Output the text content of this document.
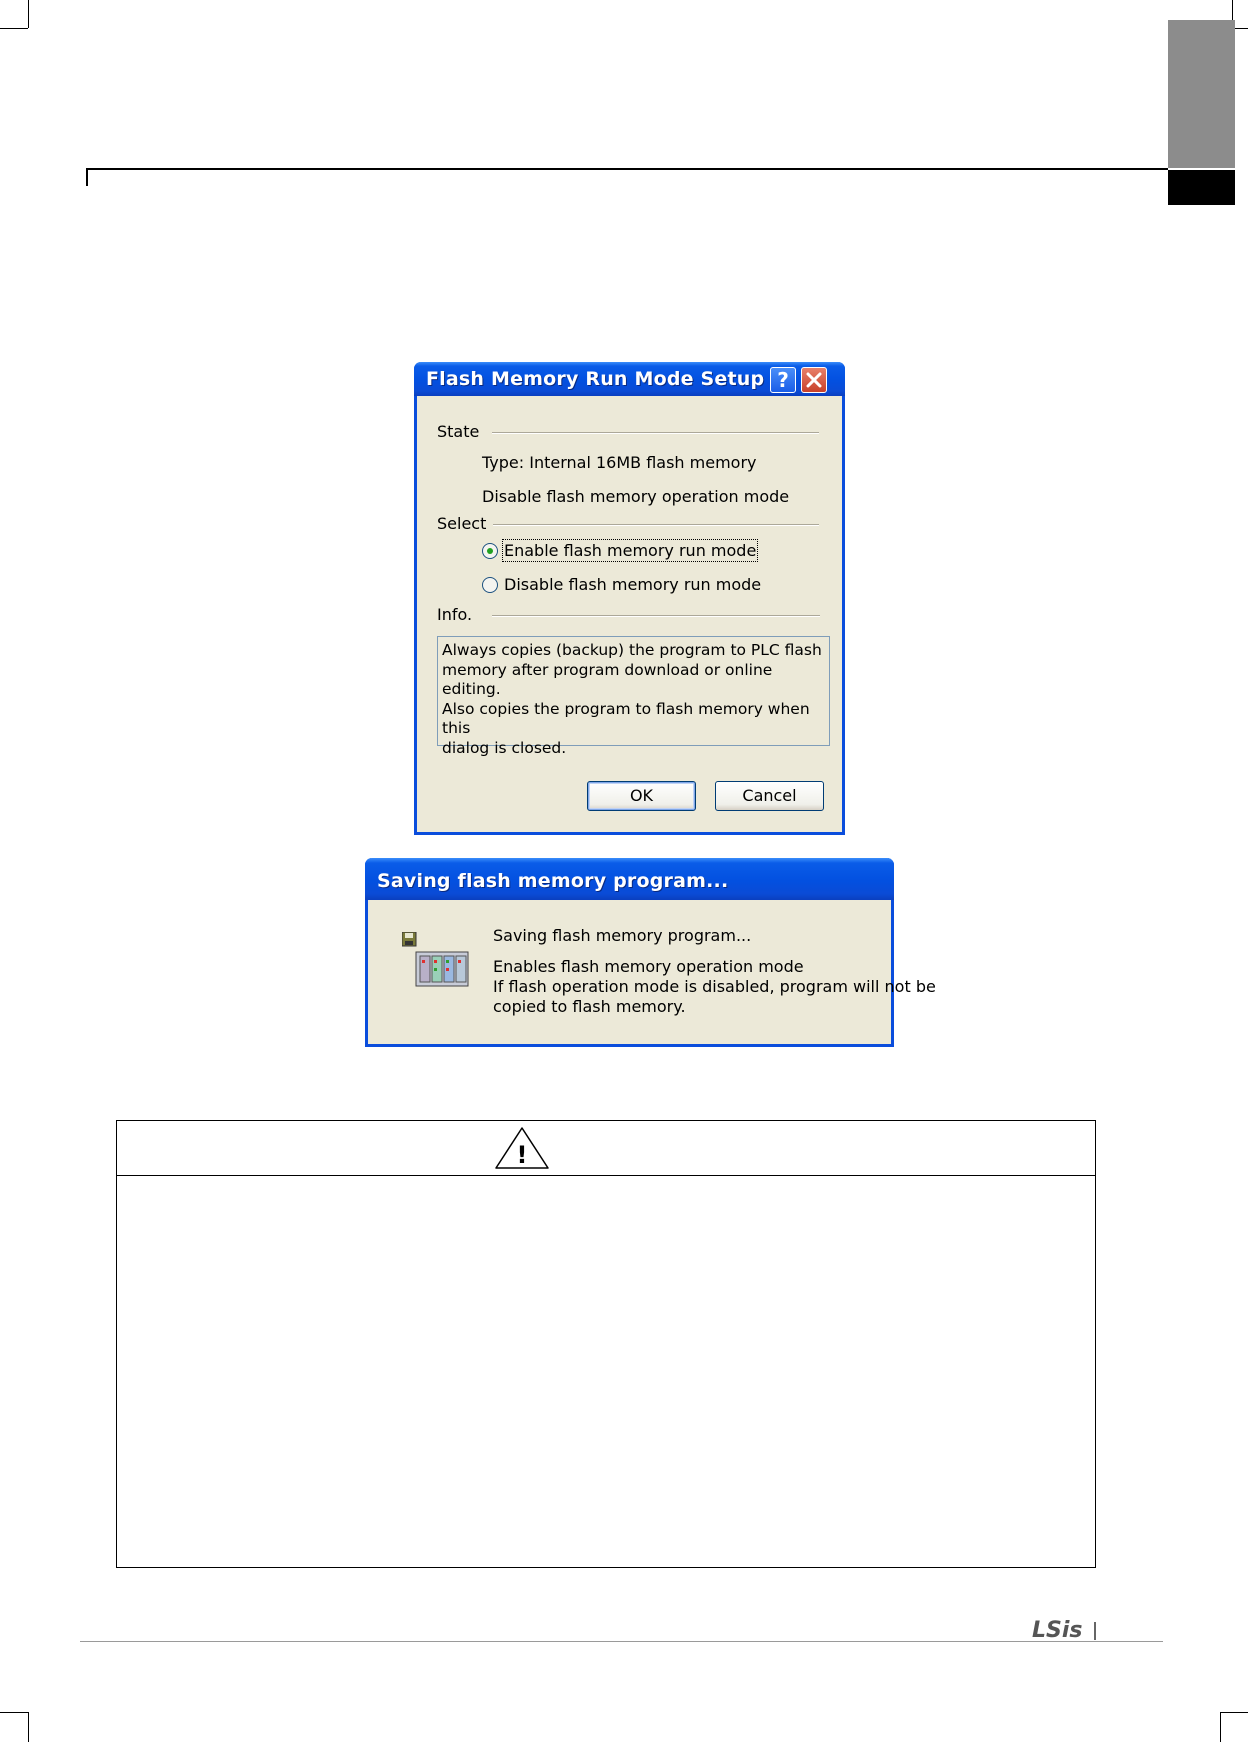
Flash Memory Run Mode Setup ?
State
Type: Internal 16MB flash memory
Disable flash memory operation mode
Select
Enable flash memory run mode
Disable flash memory run mode
Info.
Always copies (backup) the program to PLC flash
memory after program download or online editing.
Also copies the program to flash memory when this
dialog is closed.
OK	Cancel
Saving flash memory program...
Saving flash memory program...
Enables flash memory operation mode
If flash operation mode is disabled, program will not be
copied to flash memory.
!
LSis
